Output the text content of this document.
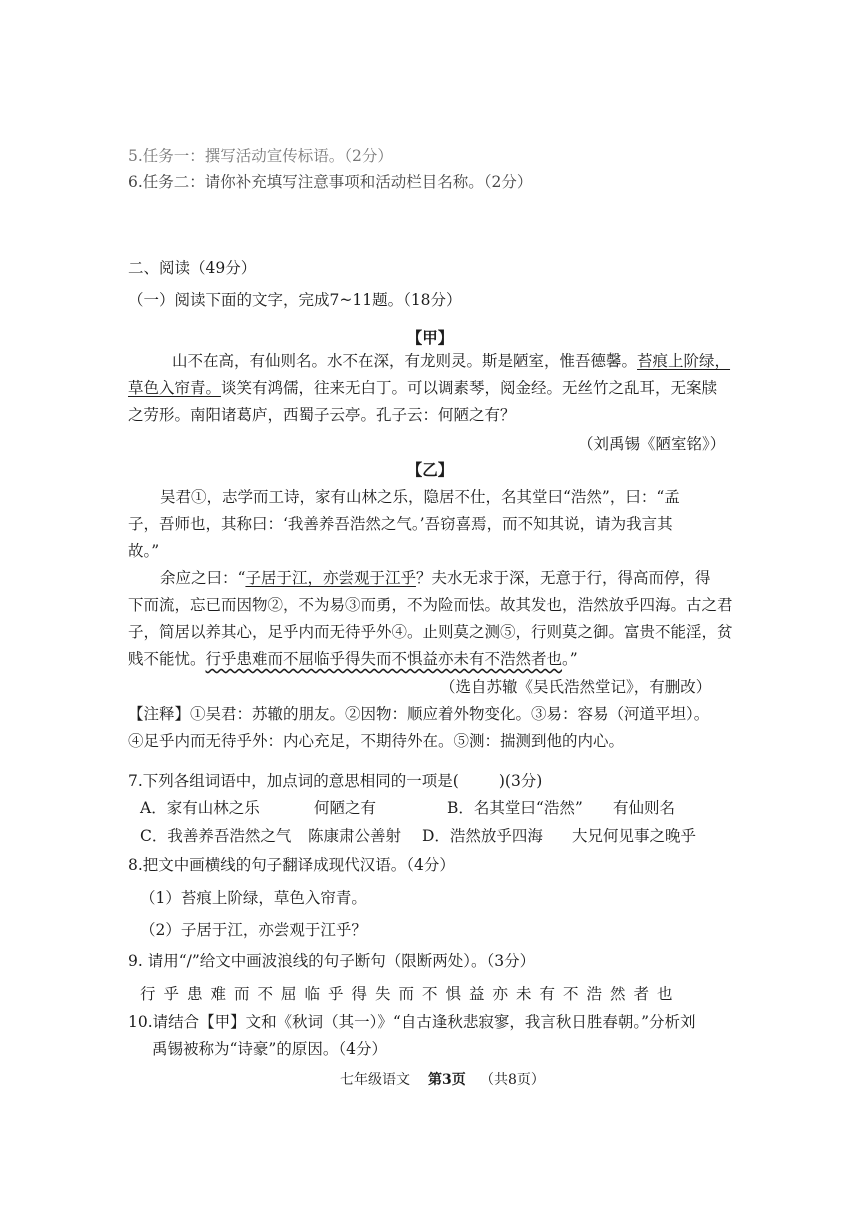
5.任务一：撰写活动宣传标语。（2分）
6.任务二：请你补充填写注意事项和活动栏目名称。（2分）
二、阅读（49分）
（一）阅读下面的文字，完成7~11题。（18分）
【甲】
山不在高，有仙则名。水不在深，有龙则灵。斯是陋室，惟吾德馨。苔痕上阶绿，
草色入帘青。谈笑有鸿儒，往来无白丁。可以调素琴，阅金经。无丝竹之乱耳，无案牍
之劳形。南阳诸葛庐，西蜀子云亭。孔子云：何陋之有？
（刘禹锡《陋室铭》）
【乙】
吴君①，志学而工诗，家有山林之乐，隐居不仕，名其堂曰“浩然”，曰：“孟
子，吾师也，其称曰：‘我善养吾浩然之气。’吾窃喜焉，而不知其说，请为我言其
故。”
余应之曰：“子居于江，亦尝观于江乎？夫水无求于深，无意于行，得高而停，得
下而流，忘已而因物②，不为易③而勇，不为险而怯。故其发也，浩然放乎四海。古之君
子，简居以养其心，足乎内而无待乎外④。止则莫之测⑤，行则莫之御。富贵不能淫，贫
贱不能忧。行乎患难而不屈临乎得失而不惧益亦未有不浩然者也。”
（选自苏辙《吴氏浩然堂记》，有删改）
【注释】①吴君：苏辙的朋友。②因物：顺应着外物变化。③易：容易（河道平坦）。
④足乎内而无待乎外：内心充足，不期待外在。⑤测：揣测到他的内心。
7.下列各组词语中，加点词的意思相同的一项是(	)(3分)
A．家有山林之乐	何陋之有	B．名其堂曰“浩然” 有仙则名
C．我善养吾浩然之气 陈康肃公善射 D．浩然放乎四海 大兄何见事之晚乎
8.把文中画横线的句子翻译成现代汉语。（4分）
（1）苔痕上阶绿，草色入帘青。
（2）子居于江，亦尝观于江乎？
9. 请用“/”给文中画波浪线的句子断句（限断两处）。（3分）
行乎患难而不屈临乎得失而不惧益亦未有不浩然者也
10.请结合【甲】文和《秋词（其一）》“自古逢秋悲寂寥，我言秋日胜春朝。”分析刘
禹锡被称为“诗豪”的原因。（4分）
七年级语文 第3页 （共8页）
